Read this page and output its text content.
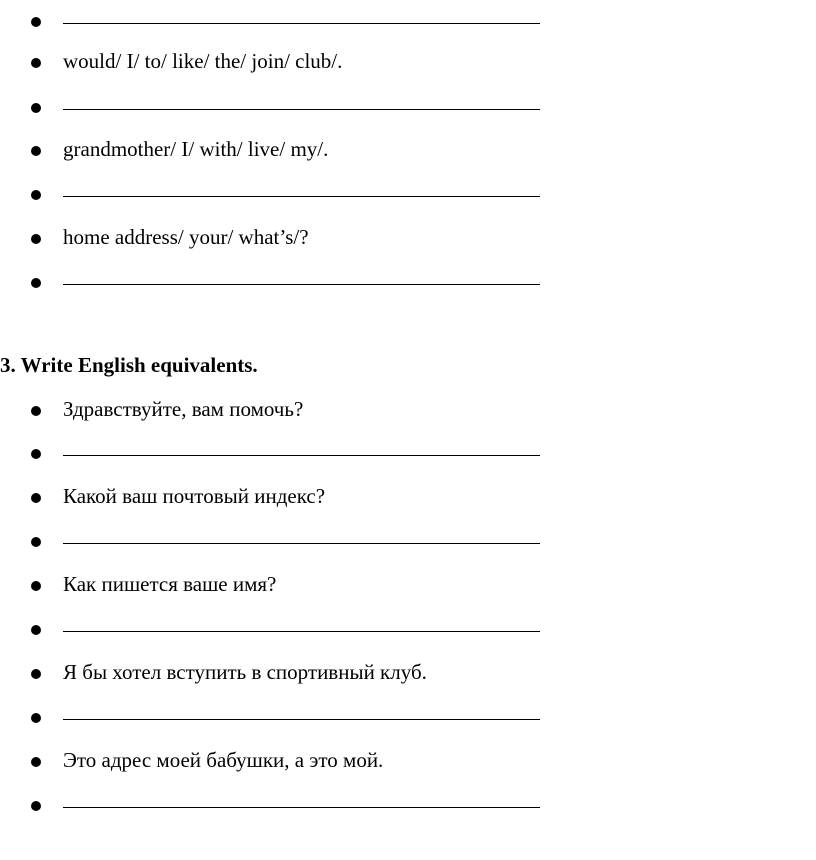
would/ I/ to/ like/ the/ join/ club/.
grandmother/ I/ with/ live/ my/.
home address/ your/ what’s/?
3. Write English equivalents.
Здравствуйте, вам помочь?
Какой ваш почтовый индекс?
Как пишется ваше имя?
Я бы хотел вступить в спортивный клуб.
Это адрес моей бабушки, а это мой.
